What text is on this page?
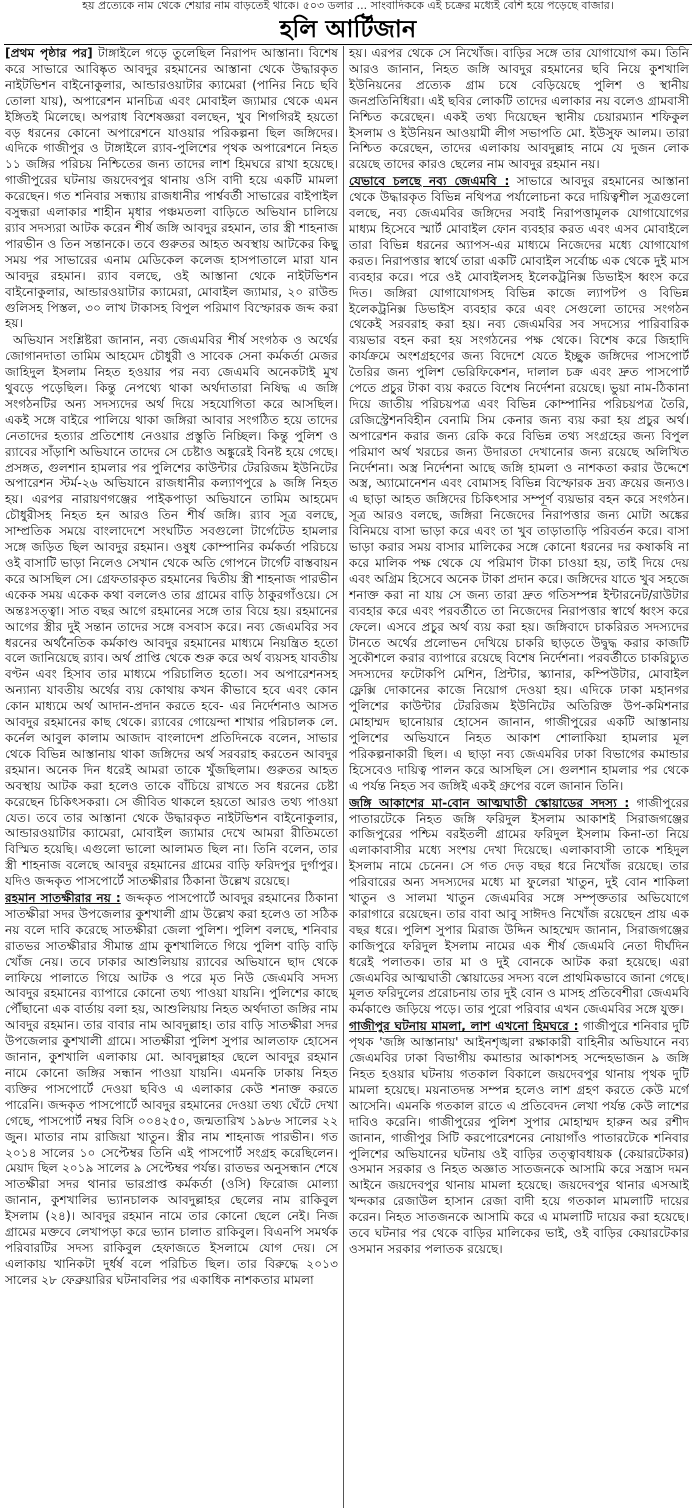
হয় প্রত্যেকে নাম থেকে শেয়ার নাম বাড়তেই থাকে। ৫০৩ ডলার ... সাংবাদিককে এই চক্রের মধ্যেই বেশি হয়ে পড়েছে বাজার।
হলি আর্টিজান

[প্রথম পৃষ্ঠার পর] টাঙ্গাইলে গড়ে তুলেছিল নিরাপদ আস্তানা। বিশেষ করে সাভারে আবিষ্কৃত আবদুর রহমানের আস্তানা থেকে উদ্ধারকৃত নাইটভিশন বাইনোকুলার, আন্ডারওয়াটার ক্যামেরা (পানির নিচে ছবি তোলা যায়), অপারেশন মানচিত্র এবং মোবাইল জ্যামার থেকে এমন ইঙ্গিতই মিলেছে। অপরাধ বিশেষজ্ঞরা বলছেন, খুব শিগগিরই হয়তো বড় ধরনের কোনো অপারেশনে যাওয়ার পরিকল্পনা ছিল জঙ্গিদের। এদিকে গাজীপুর ও টাঙ্গাইলে র‌্যাব-পুলিশের পৃথক অপারেশনে নিহত ১১ জঙ্গির পরিচয় নিশ্চিতের জন্য তাদের লাশ হিমঘরে রাখা হয়েছে। গাজীপুরের ঘটনায় জয়দেবপুর থানায় ওসি বাদী হয়ে একটি মামলা করেছেন। গত শনিবার সন্ধ্যায় রাজধানীর পার্শ্ববর্তী সাভারের বাইপাইল বসুন্ধরা এলাকার শাহীন মৃধার পঞ্চমতলা বাড়িতে অভিযান চালিয়ে র‌্যাব সদস্যরা আটক করেন শীর্ষ জঙ্গি আবদুর রহমান, তার স্ত্রী শাহনাজ পারভীন ও তিন সন্তানকে। তবে গুরুতর আহত অবস্থায় আটকের কিছু সময় পর সাভারের এনাম মেডিকেল কলেজ হাসপাতালে মারা যান আবদুর রহমান। র‌্যাব বলছে, ওই আস্তানা থেকে নাইটভিশন বাইনোকুলার, আন্ডারওয়াটার ক্যামেরা, মোবাইল জ্যামার, ২০ রাউন্ড গুলিসহ পিস্তল, ৩০ লাখ টাকাসহ বিপুল পরিমাণ বিস্ফোরক জব্দ করা হয়।

অভিযান সংশ্লিষ্টরা জানান, নব্য জেএমবির শীর্ষ সংগঠক ও অর্থের জোগানদাতা তামিম আহমেদ চৌধুরী ও সাবেক সেনা কর্মকর্তা মেজর জাহিদুল ইসলাম নিহত হওয়ার পর নব্য জেএমবি অনেকটাই মুখ থুবড়ে পড়েছিল। কিন্তু নেপথ্যে থাকা অর্থদাতারা নিষিদ্ধ এ জঙ্গি সংগঠনটির অন্য সদস্যদের অর্থ দিয়ে সহযোগিতা করে আসছিল। একই সঙ্গে বাইরে পালিয়ে থাকা জঙ্গিরা আবার সংগঠিত হয়ে তাদের নেতাদের হত্যার প্রতিশোধ নেওয়ার প্রস্তুতি নিচ্ছিল। কিন্তু পুলিশ ও র‌্যাবের সাঁড়াশি অভিযানে তাদের সে চেষ্টাও অঙ্কুরেই বিনষ্ট হয়ে গেছে। প্রসঙ্গত, গুলশান হামলার পর পুলিশের কাউন্টার টেররিজম ইউনিটের অপারেশন স্টর্ম-২৬ অভিযানে রাজধানীর কল্যাণপুরে ৯ জঙ্গি নিহত হয়। এরপর নারায়ণগঞ্জের পাইকপাড়া অভিযানে তামিম আহমেদ চৌধুরীসহ নিহত হন আরও তিন শীর্ষ জঙ্গি। র‌্যাব সূত্র বলছে, সাম্প্রতিক সময়ে বাংলাদেশে সংঘটিত সবগুলো টার্গেটেড হামলার সঙ্গে জড়িত ছিল আবদুর রহমান। ওষুধ কোম্পানির কর্মকর্তা পরিচয়ে ওই বাসাটি ভাড়া নিলেও সেখান থেকে অতি গোপনে টার্গেট বাস্তবায়ন করে আসছিল সে। গ্রেফতারকৃত রহমানের দ্বিতীয় স্ত্রী শাহনাজ পারভীন একেক সময় একেক কথা বললেও তার গ্রামের বাড়ি ঠাকুরগাঁওয়ে। সে অন্তঃসত্ত্বা। সাত বছর আগে রহমানের সঙ্গে তার বিয়ে হয়। রহমানের আগের স্ত্রীর দুই সন্তান তাদের সঙ্গে বসবাস করে। নব্য জেএমবির সব ধরনের অর্থনৈতিক কর্মকাণ্ড আবদুর রহমানের মাধ্যমে নিয়ন্ত্রিত হতো বলে জানিয়েছে র‌্যাব। অর্থ প্রাপ্তি থেকে শুরু করে অর্থ ব্যয়সহ যাবতীয় বণ্টন এবং হিসাব তার মাধ্যমে পরিচালিত হতো। সব অপারেশনসহ অন্যান্য যাবতীয় অর্থের ব্যয় কোথায় কখন কীভাবে হবে এবং কোন কোন মাধ্যমে অর্থ আদান-প্রদান করতে হবে- এর নির্দেশনাও আসত আবদুর রহমানের কাছ থেকে। র‌্যাবের গোয়েন্দা শাখার পরিচালক লে. কর্নেল আবুল কালাম আজাদ বাংলাদেশ প্রতিদিনকে বলেন, সাভার থেকে বিভিন্ন আস্তানায় থাকা জঙ্গিদের অর্থ সরবরাহ করতেন আবদুর রহমান। অনেক দিন ধরেই আমরা তাকে খুঁজছিলাম। গুরুতর আহত অবস্থায় আটক করা হলেও তাকে বাঁচিয়ে রাখতে সব ধরনের চেষ্টা করেছেন চিকিৎসকরা। সে জীবিত থাকলে হয়তো আরও তথ্য পাওয়া যেত। তবে তার আস্তানা থেকে উদ্ধারকৃত নাইটভিশন বাইনোকুলার, আন্ডারওয়াটার ক্যামেরা, মোবাইল জ্যামার দেখে আমরা রীতিমতো বিস্মিত হয়েছি। এগুলো ভালো আলামত ছিল না। তিনি বলেন, তার স্ত্রী শাহনাজ বলেছে আবদুর রহমানের গ্রামের বাড়ি ফরিদপুর দুর্গাপুর। যদিও জব্দকৃত পাসপোর্টে সাতক্ষীরার ঠিকানা উল্লেখ রয়েছে।

রহমান সাতক্ষীরার নয় : জব্দকৃত পাসপোর্টে আবদুর রহমানের ঠিকানা সাতক্ষীরা সদর উপজেলার কুশখালী গ্রাম উল্লেখ করা হলেও তা সঠিক নয় বলে দাবি করেছে সাতক্ষীরা জেলা পুলিশ। পুলিশ বলছে, শনিবার রাতভর সাতক্ষীরার সীমান্ত গ্রাম কুশখালিতে গিয়ে পুলিশ বাড়ি বাড়ি খোঁজ নেয়। তবে ঢাকার আশুলিয়ায় র‌্যাবের অভিযানে ছাদ থেকে লাফিয়ে পালাতে গিয়ে আটক ও পরে মৃত নিউ জেএমবি সদস্য আবদুর রহমানের ব্যাপারে কোনো তথ্য পাওয়া যায়নি। পুলিশের কাছে পৌঁছানো এক বার্তায় বলা হয়, আশুলিয়ায় নিহত অর্থদাতা জঙ্গির নাম আবদুর রহমান। তার বাবার নাম আবদুল্লাহ। তার বাড়ি সাতক্ষীরা সদর উপজেলার কুশখালী গ্রামে। সাতক্ষীরা পুলিশ সুপার আলতাফ হোসেন জানান, কুশখালি এলাকায় মো. আবদুল্লাহর ছেলে আবদুর রহমান নামে কোনো জঙ্গির সন্ধান পাওয়া যায়নি। এমনকি ঢাকায় নিহত ব্যক্তির পাসপোর্টে দেওয়া ছবিও এ এলাকার কেউ শনাক্ত করতে পারেনি। জব্দকৃত পাসপোর্টে আবদুর রহমানের দেওয়া তথ্য ঘেঁটে দেখা গেছে, পাসপোর্ট নম্বর বিসি ০০৪২৫০, জন্মতারিখ ১৯৮৬ সালের ২২ জুন। মাতার নাম রাজিয়া খাতুন। স্ত্রীর নাম শাহনাজ পারভীন। গত ২০১৪ সালের ১০ সেপ্টেম্বর তিনি এই পাসপোর্ট সংগ্রহ করেছিলেন। মেয়াদ ছিল ২০১৯ সালের ৯ সেপ্টেম্বর পর্যন্ত। রাতভর অনুসন্ধান শেষে সাতক্ষীরা সদর থানার ভারপ্রাপ্ত কর্মকর্তা (ওসি) ফিরোজ মোল্যা জানান, কুশখালির ভ্যানচালক আবদুল্লাহর ছেলের নাম রাকিবুল ইসলাম (২৪)। আবদুর রহমান নামে তার কোনো ছেলে নেই। নিজ গ্রামের মক্তবে লেখাপড়া করে ভ্যান চালাত রাকিবুল। বিএনপি সমর্থক পরিবারটির সদস্য রাকিবুল হেফাজতে ইসলামে যোগ দেয়। সে এলাকায় খানিকটা দুর্ধর্ষ বলে পরিচিত ছিল। তার বিরুদ্ধে ২০১৩ সালের ২৮ ফেব্রুয়ারির ঘটনাবলির পর একাধিক নাশকতার মামলা

হয়। এরপর থেকে সে নিখোঁজ। বাড়ির সঙ্গে তার যোগাযোগ কম। তিনি আরও জানান, নিহত জঙ্গি আবদুর রহমানের ছবি নিয়ে কুশখালি ইউনিয়নের প্রত্যেক গ্রাম চষে বেড়িয়েছে পুলিশ ও স্থানীয় জনপ্রতিনিধিরা। এই ছবির লোকটি তাদের এলাকার নয় বলেও গ্রামবাসী নিশ্চিত করেছেন। একই তথ্য দিয়েছেন স্থানীয় চেয়ারম্যান শফিকুল ইসলাম ও ইউনিয়ন আওয়ামী লীগ সভাপতি মো. ইউসুফ আলম। তারা নিশ্চিত করেছেন, তাদের এলাকায় আবদুল্লাহ নামে যে দুজন লোক রয়েছে তাদের কারও ছেলের নাম আবদুর রহমান নয়।

যেভাবে চলছে নব্য জেএমবি : সাভারে আবদুর রহমানের আস্তানা থেকে উদ্ধারকৃত বিভিন্ন নথিপত্র পর্যালোচনা করে দায়িত্বশীল সূত্রগুলো বলছে, নব্য জেএমবির জঙ্গিদের সবাই নিরাপত্তামূলক যোগাযোগের মাধ্যম হিসেবে স্মার্ট মোবাইল ফোন ব্যবহার করত এবং এসব মোবাইলে তারা বিভিন্ন ধরনের অ্যাপস-এর মাধ্যমে নিজেদের মধ্যে যোগাযোগ করত। নিরাপত্তার স্বার্থে তারা একটি মোবাইল সর্বোচ্চ এক থেকে দুই মাস ব্যবহার করে। পরে ওই মোবাইলসহ ইলেকট্রনিক্স ডিভাইস ধ্বংস করে দিত। জঙ্গিরা যোগাযোগসহ বিভিন্ন কাজে ল্যাপটপ ও বিভিন্ন ইলেকট্রনিক্স ডিভাইস ব্যবহার করে এবং সেগুলো তাদের সংগঠন থেকেই সরবরাহ করা হয়। নব্য জেএমবির সব সদস্যের পারিবারিক ব্যয়ভার বহন করা হয় সংগঠনের পক্ষ থেকে। বিশেষ করে জিহাদি কার্যক্রমে অংশগ্রহণের জন্য বিদেশে যেতে ইচ্ছুক জঙ্গিদের পাসপোর্ট তৈরির জন্য পুলিশ ভেরিফিকেশন, দালাল চক্র এবং দ্রুত পাসপোর্ট পেতে প্রচুর টাকা ব্যয় করতে বিশেষ নির্দেশনা রয়েছে। ভুয়া নাম-ঠিকানা দিয়ে জাতীয় পরিচয়পত্র এবং বিভিন্ন কোম্পানির পরিচয়পত্র তৈরি, রেজিস্ট্রেশনবিহীন বেনামি সিম কেনার জন্য ব্যয় করা হয় প্রচুর অর্থ। অপারেশন করার জন্য রেকি করে বিভিন্ন তথ্য সংগ্রহের জন্য বিপুল পরিমাণ অর্থ খরচের জন্য উদারতা দেখানোর জন্য রয়েছে অলিখিত নির্দেশনা। অস্ত্র নির্দেশনা আছে জঙ্গি হামলা ও নাশকতা করার উদ্দেশে অস্ত্র, অ্যামোনেশন এবং বোমাসহ বিভিন্ন বিস্ফোরক দ্রব্য ক্রয়ের জন্যও। এ ছাড়া আহত জঙ্গিদের চিকিৎসার সম্পূর্ণ ব্যয়ভার বহন করে সংগঠন। সূত্র আরও বলছে, জঙ্গিরা নিজেদের নিরাপত্তার জন্য মোটা অঙ্কের বিনিময়ে বাসা ভাড়া করে এবং তা খুব তাড়াতাড়ি পরিবর্তন করে। বাসা ভাড়া করার সময় বাসার মালিকের সঙ্গে কোনো ধরনের দর কষাকষি না করে মালিক পক্ষ থেকে যে পরিমাণ টাকা চাওয়া হয়, তাই দিয়ে দেয় এবং অগ্রিম হিসেবে অনেক টাকা প্রদান করে। জঙ্গিদের যাতে খুব সহজে শনাক্ত করা না যায় সে জন্য তারা দ্রুত গতিসম্পন্ন ইন্টারনেট/রাউটার ব্যবহার করে এবং পরবর্তীতে তা নিজেদের নিরাপত্তার স্বার্থে ধ্বংস করে ফেলে। এসবে প্রচুর অর্থ ব্যয় করা হয়। জঙ্গিবাদে চাকরিরত সদস্যদের টানতে অর্থের প্রলোভন দেখিয়ে চাকরি ছাড়তে উদ্বুদ্ধ করার কাজটি সুকৌশলে করার ব্যাপারে রয়েছে বিশেষ নির্দেশনা। পরবর্তীতে চাকরিচ্যুত সদস্যদের ফটোকপি মেশিন, প্রিন্টার, স্ক্যানার, কম্পিউটার, মোবাইল ফ্লেক্সি দোকানের কাজে নিয়োগ দেওয়া হয়। এদিকে ঢাকা মহানগর পুলিশের কাউন্টার টেররিজম ইউনিটের অতিরিক্ত উপ-কমিশনার মোহাম্মদ ছানোয়ার হোসেন জানান, গাজীপুরের একটি আস্তানায় পুলিশের অভিযানে নিহত আকাশ শোলাকিয়া হামলার মূল পরিকল্পনাকারী ছিল। এ ছাড়া নব্য জেএমবির ঢাকা বিভাগের কমান্ডার হিসেবেও দায়িত্ব পালন করে আসছিল সে। গুলশান হামলার পর থেকে এ পর্যন্ত নিহত সব জঙ্গিই একই গ্রুপের বলে জানান তিনি।

জঙ্গি আকাশের মা-বোন আত্মঘাতী স্কোয়াডের সদস্য : গাজীপুরের পাতারটেকে নিহত জঙ্গি ফরিদুল ইসলাম আকাশই সিরাজগঞ্জের কাজিপুরের পশ্চিম বরইতলী গ্রামের ফরিদুল ইসলাম কিনা-তা নিয়ে এলাকাবাসীর মধ্যে সংশয় দেখা দিয়েছে। এলাকাবাসী তাকে শহিদুল ইসলাম নামে চেনেন। সে গত দেড় বছর ধরে নিখোঁজ রয়েছে। তার পরিবারের অন্য সদস্যদের মধ্যে মা ফুলেরা খাতুন, দুই বোন শাকিলা খাতুন ও সালমা খাতুন জেএমবির সঙ্গে সম্পৃক্ততার অভিযোগে কারাগারে রয়েছেন। তার বাবা আবু সাঈদও নিখোঁজ রয়েছেন প্রায় এক বছর ধরে। পুলিশ সুপার মিরাজ উদ্দিন আহম্মেদ জানান, সিরাজগঞ্জের কাজিপুরে ফরিদুল ইসলাম নামের এক শীর্ষ জেএমবি নেতা দীর্ঘদিন ধরেই পলাতক। তার মা ও দুই বোনকে আটক করা হয়েছে। এরা জেএমবির আত্মঘাতী স্কোয়াডের সদস্য বলে প্রাথমিকভাবে জানা গেছে। মূলত ফরিদুলের প্ররোচনায় তার দুই বোন ও মাসহ প্রতিবেশীরা জেএমবি কর্মকাণ্ডে জড়িয়ে পড়ে। তার পুরো পরিবার এখন জেএমবির সঙ্গে যুক্ত।

গাজীপুর ঘটনায় মামলা, লাশ এখনো হিমঘরে : গাজীপুরে শনিবার দুটি পৃথক 'জঙ্গি আস্তানায়' আইনশৃঙ্খলা রক্ষাকারী বাহিনীর অভিযানে নব্য জেএমবির ঢাকা বিভাগীয় কমান্ডার আকাশসহ সন্দেহভাজন ৯ জঙ্গি নিহত হওয়ার ঘটনায় গতকাল বিকালে জয়দেবপুর থানায় পৃথক দুটি মামলা হয়েছে। ময়নাতদন্ত সম্পন্ন হলেও লাশ গ্রহণ করতে কেউ মর্গে আসেনি। এমনকি গতকাল রাতে এ প্রতিবেদন লেখা পর্যন্ত কেউ লাশের দাবিও করেনি। গাজীপুরের পুলিশ সুপার মোহাম্মদ হারুন অর রশীদ জানান, গাজীপুর সিটি করপোরেশনের নোয়াগাঁও পাতারটেকে শনিবার পুলিশের অভিযানের ঘটনায় ওই বাড়ির তত্ত্বাবধায়ক (কেয়ারটেকার) ওসমান সরকার ও নিহত অজ্ঞাত সাতজনকে আসামি করে সন্ত্রাস দমন আইনে জয়দেবপুর থানায় মামলা হয়েছে। জয়দেবপুর থানার এসআই খন্দকার রেজাউল হাসান রেজা বাদী হয়ে গতকাল মামলাটি দায়ের করেন। নিহত সাতজনকে আসামি করে এ মামলাটি দায়ের করা হয়েছে। তবে ঘটনার পর থেকে বাড়ির মালিকের ভাই, ওই বাড়ির কেয়ারটেকার ওসমান সরকার পলাতক রয়েছে।
